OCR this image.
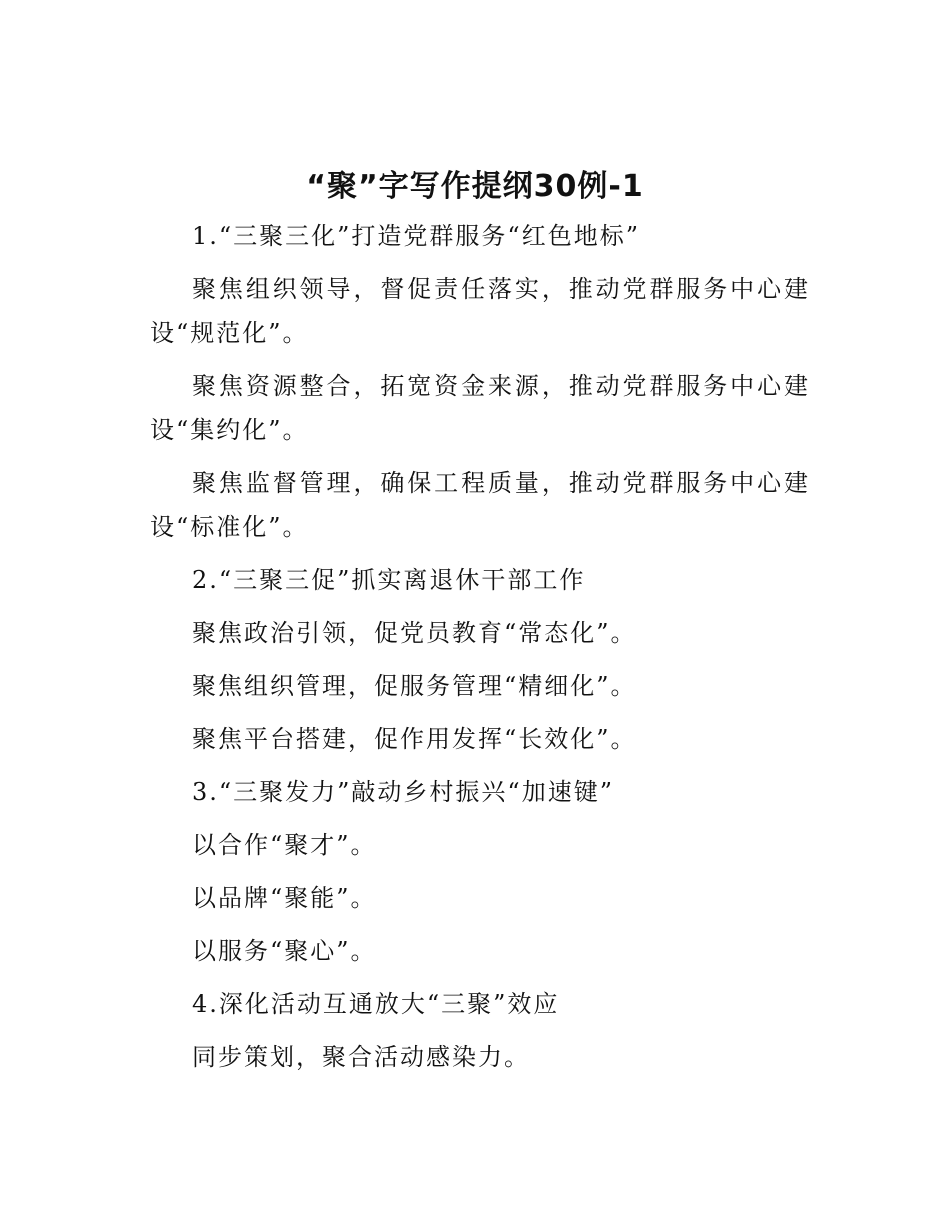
“聚”字写作提纲30例-1

1.“三聚三化”打造党群服务“红色地标”

聚焦组织领导，督促责任落实，推动党群服务中心建设“规范化”。

聚焦资源整合，拓宽资金来源，推动党群服务中心建设“集约化”。

聚焦监督管理，确保工程质量，推动党群服务中心建设“标准化”。

2.“三聚三促”抓实离退休干部工作

聚焦政治引领，促党员教育“常态化”。

聚焦组织管理，促服务管理“精细化”。

聚焦平台搭建，促作用发挥“长效化”。

3.“三聚发力”敲动乡村振兴“加速键”

以合作“聚才”。

以品牌“聚能”。

以服务“聚心”。

4.深化活动互通放大“三聚”效应

同步策划，聚合活动感染力。
